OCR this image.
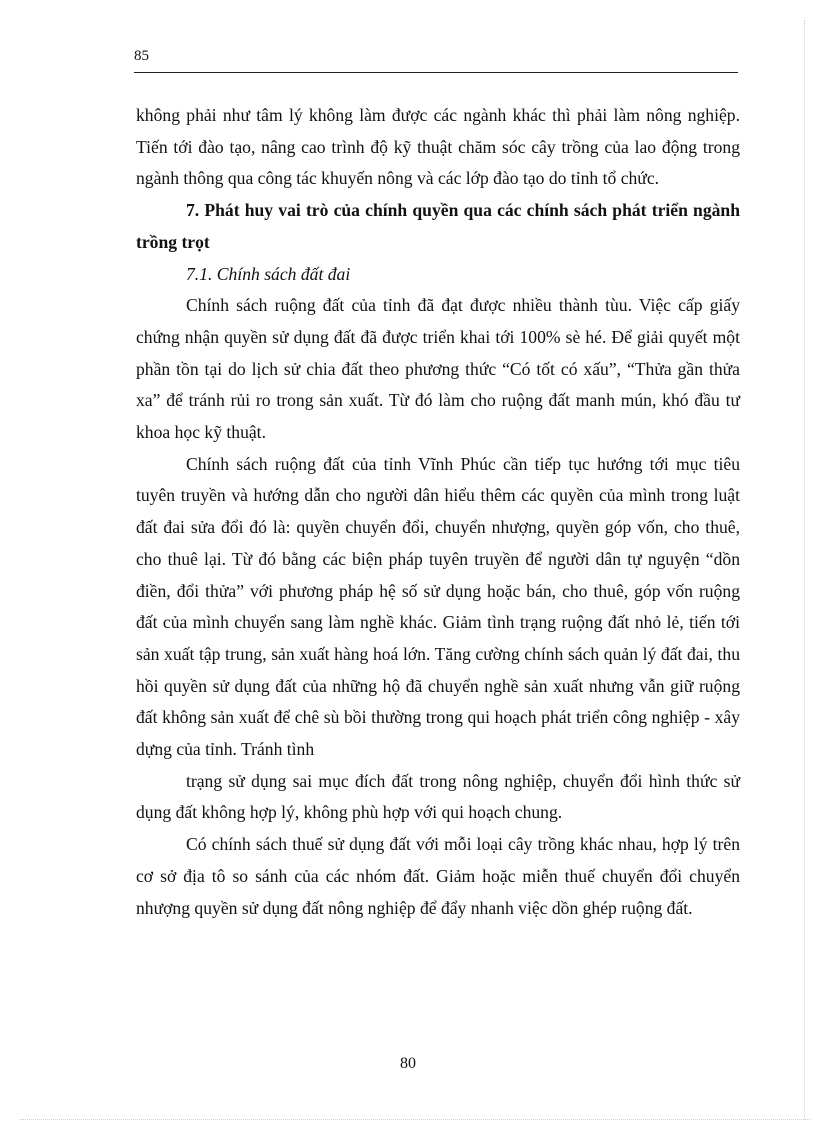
85

không phải như tâm lý không làm được các ngành khác thì phải làm nông nghiệp. Tiến tới đào tạo, nâng cao trình độ kỹ thuật chăm sóc cây trồng của lao động trong ngành thông qua công tác khuyến nông và các lớp đào tạo do tỉnh tổ chức.

7. Phát huy vai trò của chính quyền qua các chính sách phát triển ngành trồng trọt

7.1. Chính sách đất đai

Chính sách ruộng đất của tỉnh đã đạt được nhiều thành tùu. Việc cấp giấy chứng nhận quyền sử dụng đất đã được triển khai tới 100% sè hé. Để giải quyết một phần tồn tại do lịch sử chia đất theo phương thức “Có tốt có xấu”, “Thửa gần thửa xa” để tránh rủi ro trong sản xuất. Từ đó làm cho ruộng đất manh mún, khó đầu tư khoa học kỹ thuật.

Chính sách ruộng đất của tỉnh Vĩnh Phúc cần tiếp tục hướng tới mục tiêu tuyên truyền và hướng dẫn cho người dân hiểu thêm các quyền của mình trong luật đất đai sửa đổi đó là: quyền chuyển đổi, chuyển nhượng, quyền góp vốn, cho thuê, cho thuê lại. Từ đó bằng các biện pháp tuyên truyền để người dân tự nguyện “dồn điền, đổi thửa” với phương pháp hệ số sử dụng hoặc bán, cho thuê, góp vốn ruộng đất của mình chuyển sang làm nghề khác. Giảm tình trạng ruộng đất nhỏ lẻ, tiến tới sản xuất tập trung, sản xuất hàng hoá lớn. Tăng cường chính sách quản lý đất đai, thu hồi quyền sử dụng đất của những hộ đã chuyển nghề sản xuất nhưng vẫn giữ ruộng đất không sản xuất để chê sù bồi thường trong qui hoạch phát triển công nghiệp - xây dựng của tỉnh. Tránh tình

trạng sử dụng sai mục đích đất trong nông nghiệp, chuyển đổi hình thức sử dụng đất không hợp lý, không phù hợp với qui hoạch chung.

Có chính sách thuế sử dụng đất với mỗi loại cây trồng khác nhau, hợp lý trên cơ sở địa tô so sánh của các nhóm đất. Giảm hoặc miễn thuế chuyển đổi chuyển nhượng quyền sử dụng đất nông nghiệp để đẩy nhanh việc dồn ghép ruộng đất.

80
